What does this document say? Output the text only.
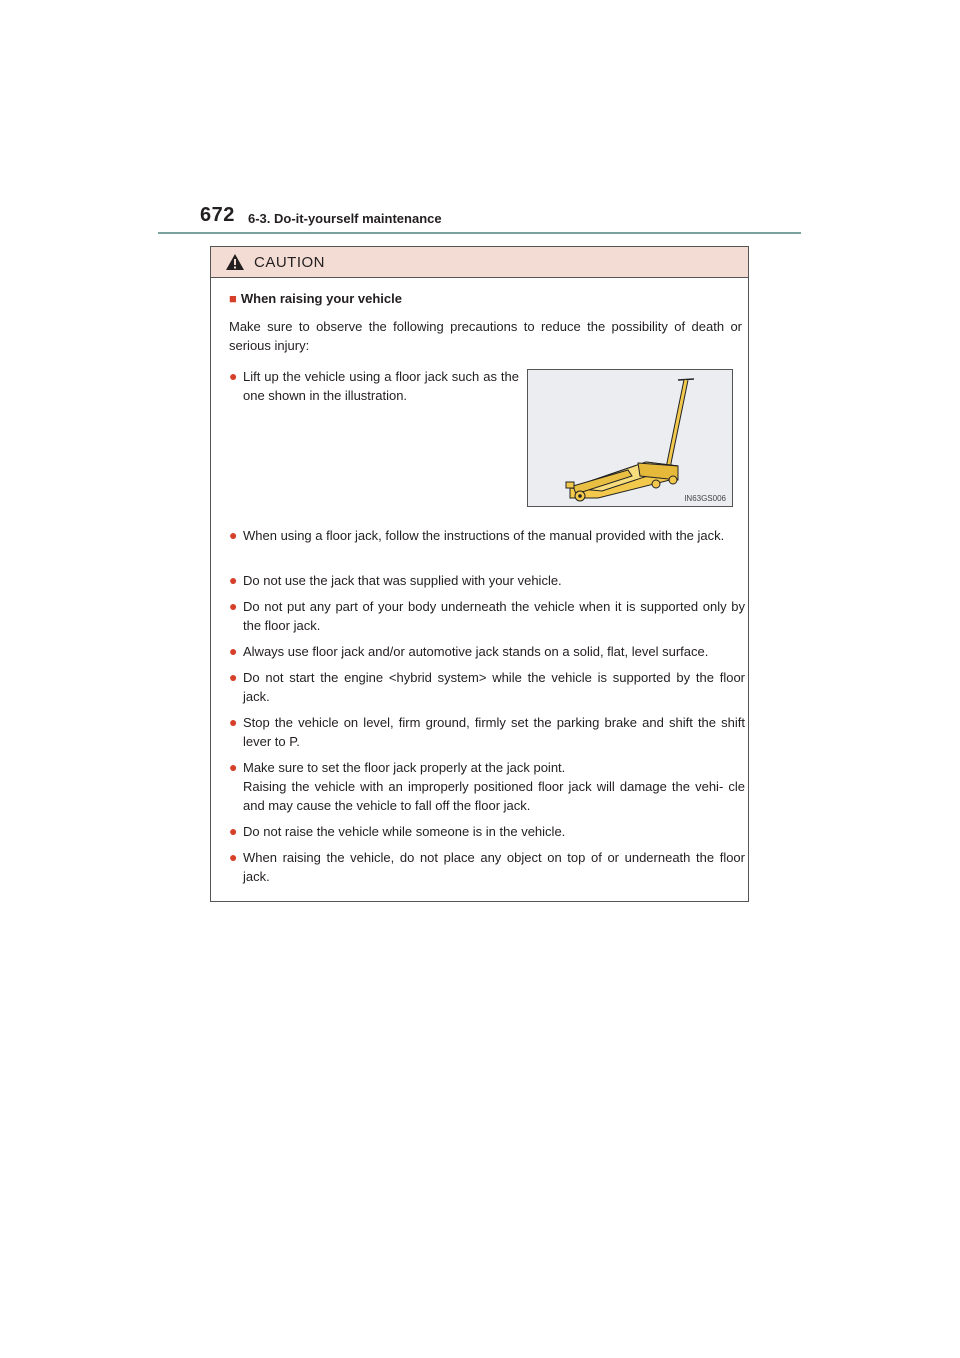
672 6-3. Do-it-yourself maintenance
CAUTION
■ When raising your vehicle
Make sure to observe the following precautions to reduce the possibility of death or serious injury:
● Lift up the vehicle using a floor jack such as the one shown in the illustration.
IN63GS006
● When using a floor jack, follow the instructions of the manual provided with the jack.
● Do not use the jack that was supplied with your vehicle.
● Do not put any part of your body underneath the vehicle when it is supported only by the floor jack.
● Always use floor jack and/or automotive jack stands on a solid, flat, level surface.
● Do not start the engine <hybrid system> while the vehicle is supported by the floor jack.
● Stop the vehicle on level, firm ground, firmly set the parking brake and shift the shift lever to P.
● Make sure to set the floor jack properly at the jack point.
Raising the vehicle with an improperly positioned floor jack will damage the vehi- cle and may cause the vehicle to fall off the floor jack.
● Do not raise the vehicle while someone is in the vehicle.
● When raising the vehicle, do not place any object on top of or underneath the floor jack.
